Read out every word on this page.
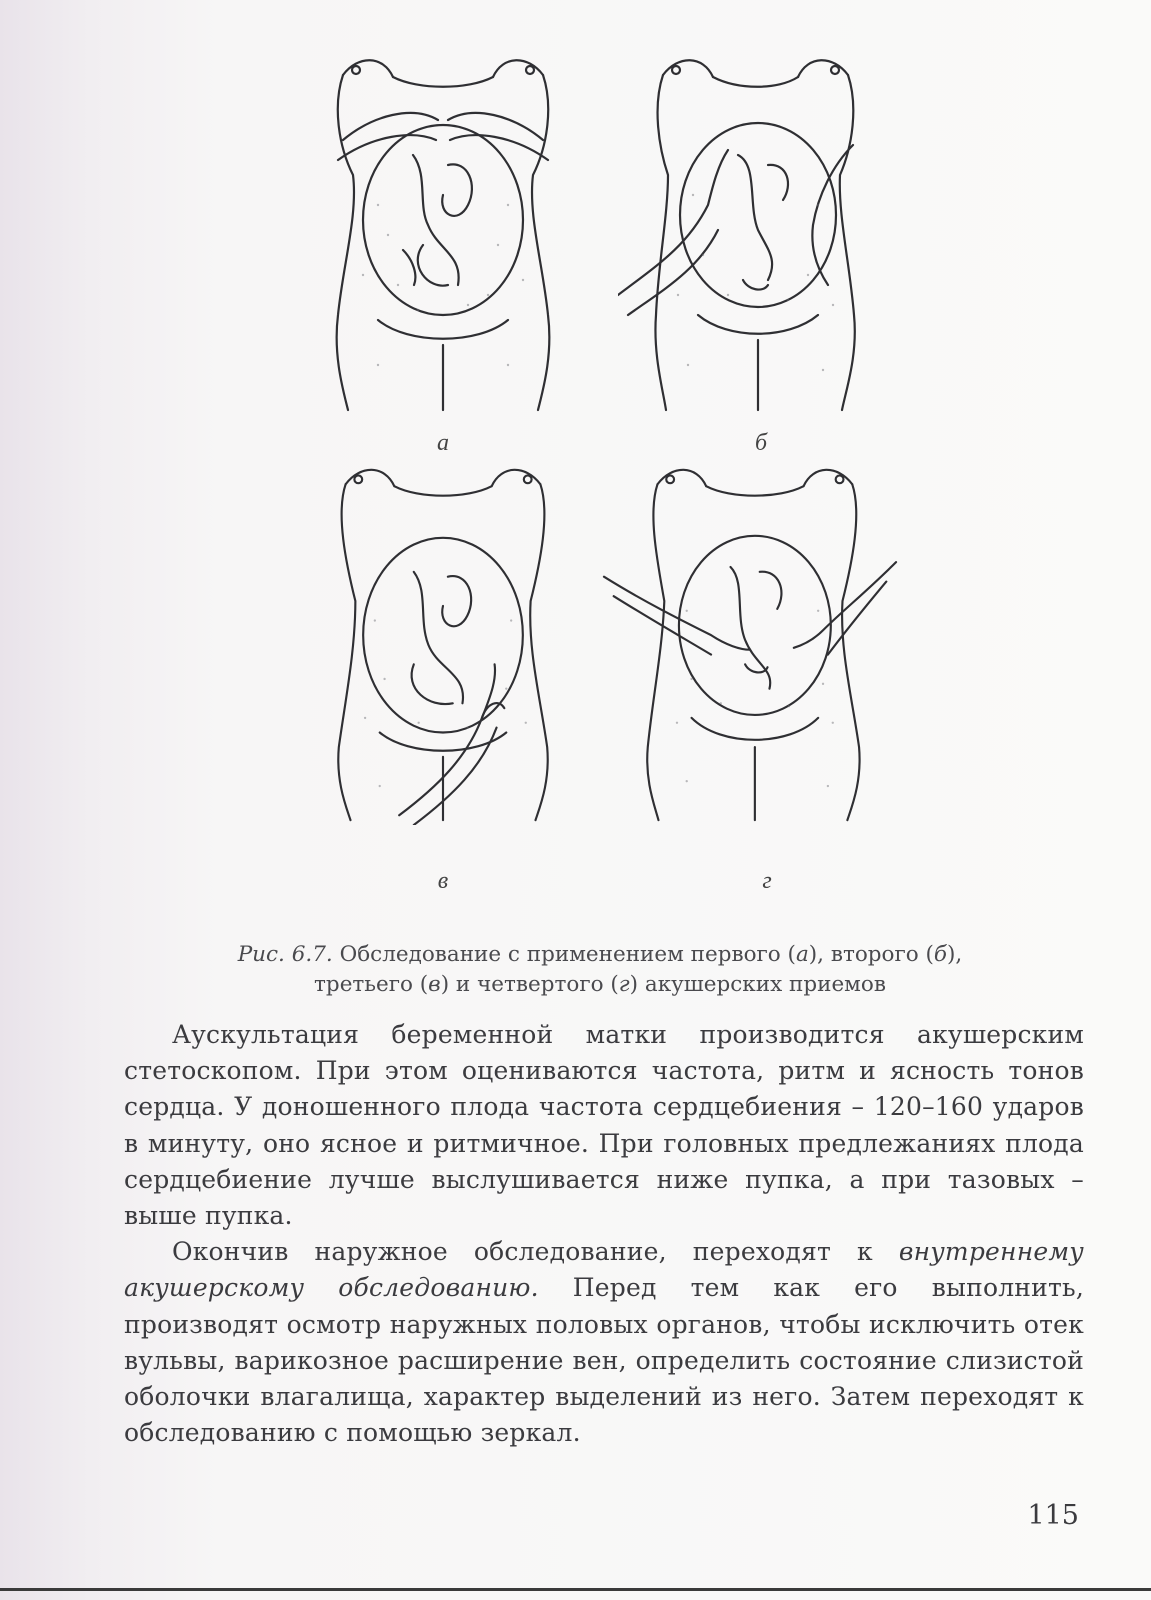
а	б
в	г
Рис. 6.7. Обследование с применением первого (а), второго (б),
третьего (в) и четвертого (г) акушерских приемов

Аускультация беременной матки производится акушерским стетоскопом. При этом оцениваются частота, ритм и ясность тонов сердца. У доношенного плода частота сердцебиения – 120–160 ударов в минуту, оно ясное и ритмичное. При головных предлежаниях плода сердцебиение лучше выслушивается ниже пупка, а при тазовых – выше пупка.

Окончив наружное обследование, переходят к внутреннему акушерскому обследованию. Перед тем как его выполнить, производят осмотр наружных половых органов, чтобы исключить отек вульвы, варикозное расширение вен, определить состояние слизистой оболочки влагалища, характер выделений из него. Затем переходят к обследованию с помощью зеркал.

115
